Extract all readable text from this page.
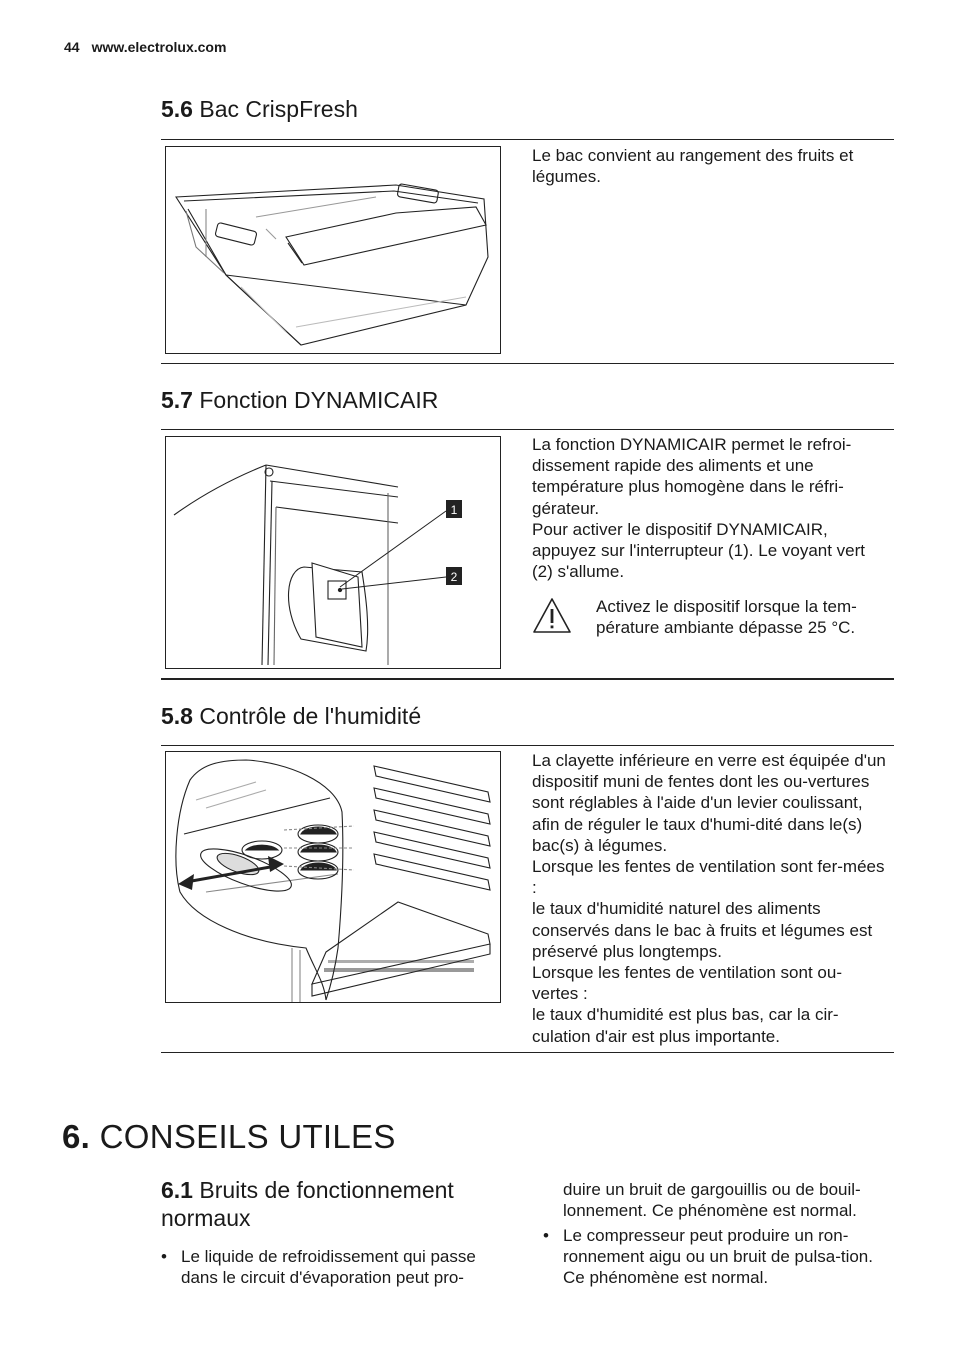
44 www.electrolux.com
5.6 Bac CrispFresh

Le bac convient au rangement des fruits et légumes.

5.7 Fonction DYNAMICAIR
1
2

La fonction DYNAMICAIR permet le refroi-dissement rapide des aliments et une température plus homogène dans le réfri-gérateur.

Pour activer le dispositif DYNAMICAIR, appuyez sur l'interrupteur (1). Le voyant vert (2) s'allume.

Activez le dispositif lorsque la tem-pérature ambiante dépasse 25 °C.
5.8 Contrôle de l'humidité

La clayette inférieure en verre est équipée d'un dispositif muni de fentes dont les ou-vertures sont réglables à l'aide d'un levier coulissant, afin de réguler le taux d'humi-dité dans le(s) bac(s) à légumes.

Lorsque les fentes de ventilation sont fer-mées :

le taux d'humidité naturel des aliments conservés dans le bac à fruits et légumes est préservé plus longtemps.

Lorsque les fentes de ventilation sont ou-vertes :

le taux d'humidité est plus bas, car la cir-culation d'air est plus importante.

6. CONSEILS UTILES
6.1 Bruits de fonctionnement normaux
• Le liquide de refroidissement qui passe dans le circuit d'évaporation peut pro-
duire un bruit de gargouillis ou de bouil-lonnement. Ce phénomène est normal.
• Le compresseur peut produire un ron-ronnement aigu ou un bruit de pulsa-tion. Ce phénomène est normal.
